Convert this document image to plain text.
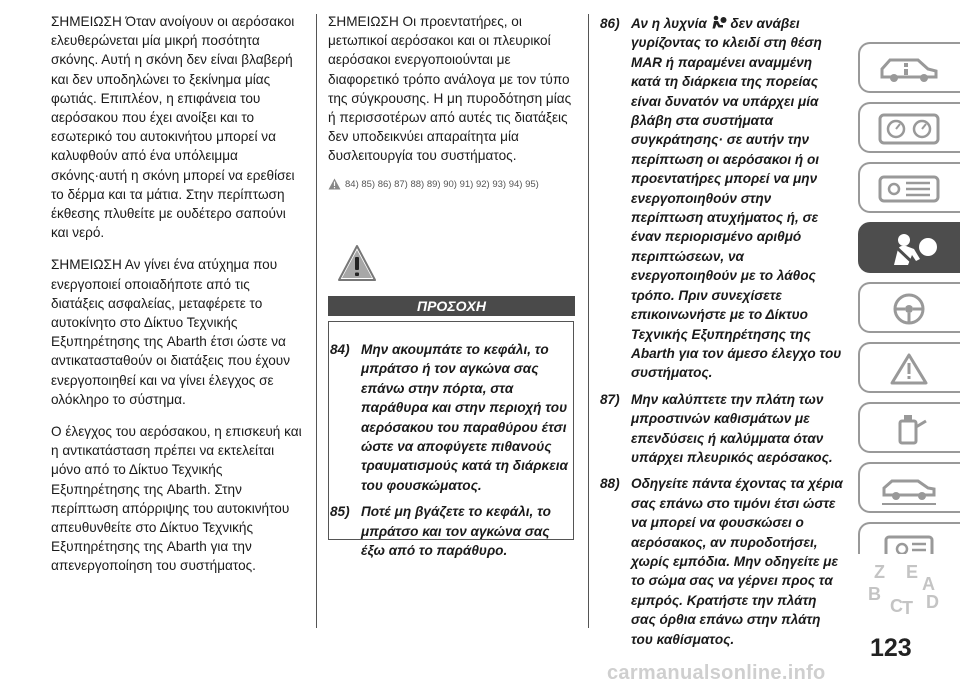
ΣΗΜΕΙΩΣΗ Όταν ανοίγουν οι αερόσακοι ελευθερώνεται μία μικρή ποσότητα σκόνης. Αυτή η σκόνη δεν είναι βλαβερή και δεν υποδηλώνει το ξεκίνημα μίας φωτιάς. Επιπλέον, η επιφάνεια του αερόσακου που έχει ανοίξει και το εσωτερικό του αυτοκινήτου μπορεί να καλυφθούν από ένα υπόλειμμα σκόνης·αυτή η σκόνη μπορεί να ερεθίσει το δέρμα και τα μάτια. Στην περίπτωση έκθεσης πλυθείτε με ουδέτερο σαπούνι και νερό.

ΣΗΜΕΙΩΣΗ Αν γίνει ένα ατύχημα που ενεργοποιεί οποιαδήποτε από τις διατάξεις ασφαλείας, μεταφέρετε το αυτοκίνητο στο Δίκτυο Τεχνικής Εξυπηρέτησης της Abarth έτσι ώστε να αντικατασταθούν οι διατάξεις που έχουν ενεργοποιηθεί και να γίνει έλεγχος σε ολόκληρο το σύστημα.

Ο έλεγχος του αερόσακου, η επισκευή και η αντικατάσταση πρέπει να εκτελείται μόνο από το Δίκτυο Τεχνικής Εξυπηρέτησης της Abarth. Στην περίπτωση απόρριψης του αυτοκινήτου απευθυνθείτε στο Δίκτυο Τεχνικής Εξυπηρέτησης της Abarth για την απενεργοποίηση του συστήματος.

ΣΗΜΕΙΩΣΗ Οι προεντατήρες, οι μετωπικοί αερόσακοι και οι πλευρικοί αερόσακοι ενεργοποιούνται με διαφορετικό τρόπο ανάλογα με τον τύπο της σύγκρουσης. Η μη πυροδότηση μίας ή περισσοτέρων από αυτές τις διατάξεις δεν υποδεικνύει απαραίτητα μία δυσλειτουργία του συστήματος.

84) 85) 86) 87) 88) 89) 90) 91) 92) 93) 94) 95)
ΠΡΟΣΟΧΗ
84) Μην ακουμπάτε το κεφάλι, το μπράτσο ή τον αγκώνα σας επάνω στην πόρτα, στα παράθυρα και στην περιοχή του αερόσακου του παραθύρου έτσι ώστε να αποφύγετε πιθανούς τραυματισμούς κατά τη διάρκεια του φουσκώματος.
85) Ποτέ μη βγάζετε το κεφάλι, το μπράτσο και τον αγκώνα σας έξω από το παράθυρο.
86) Αν η λυχνία δεν ανάβει γυρίζοντας το κλειδί στη θέση MAR ή παραμένει αναμμένη κατά τη διάρκεια της πορείας είναι δυνατόν να υπάρχει μία βλάβη στα συστήματα συγκράτησης· σε αυτήν την περίπτωση οι αερόσακοι ή οι προεντατήρες μπορεί να μην ενεργοποιηθούν στην περίπτωση ατυχήματος ή, σε έναν περιορισμένο αριθμό περιπτώσεων, να ενεργοποιηθούν με το λάθος τρόπο. Πριν συνεχίσετε επικοινωνήστε με το Δίκτυο Τεχνικής Εξυπηρέτησης της Abarth για τον άμεσο έλεγχο του συστήματος.
87) Μην καλύπτετε την πλάτη των μπροστινών καθισμάτων με επενδύσεις ή καλύμματα όταν υπάρχει πλευρικός αερόσακος.
88) Οδηγείτε πάντα έχοντας τα χέρια σας επάνω στο τιμόνι έτσι ώστε να μπορεί να φουσκώσει ο αερόσακος, αν πυροδοτήσει, χωρίς εμπόδια. Μην οδηγείτε με το σώμα σας να γέρνει προς τα εμπρός. Κρατήστε την πλάτη σας όρθια επάνω στην πλάτη του καθίσματος.
Z E
A
B
C T D
123
carmanualsonline.info
